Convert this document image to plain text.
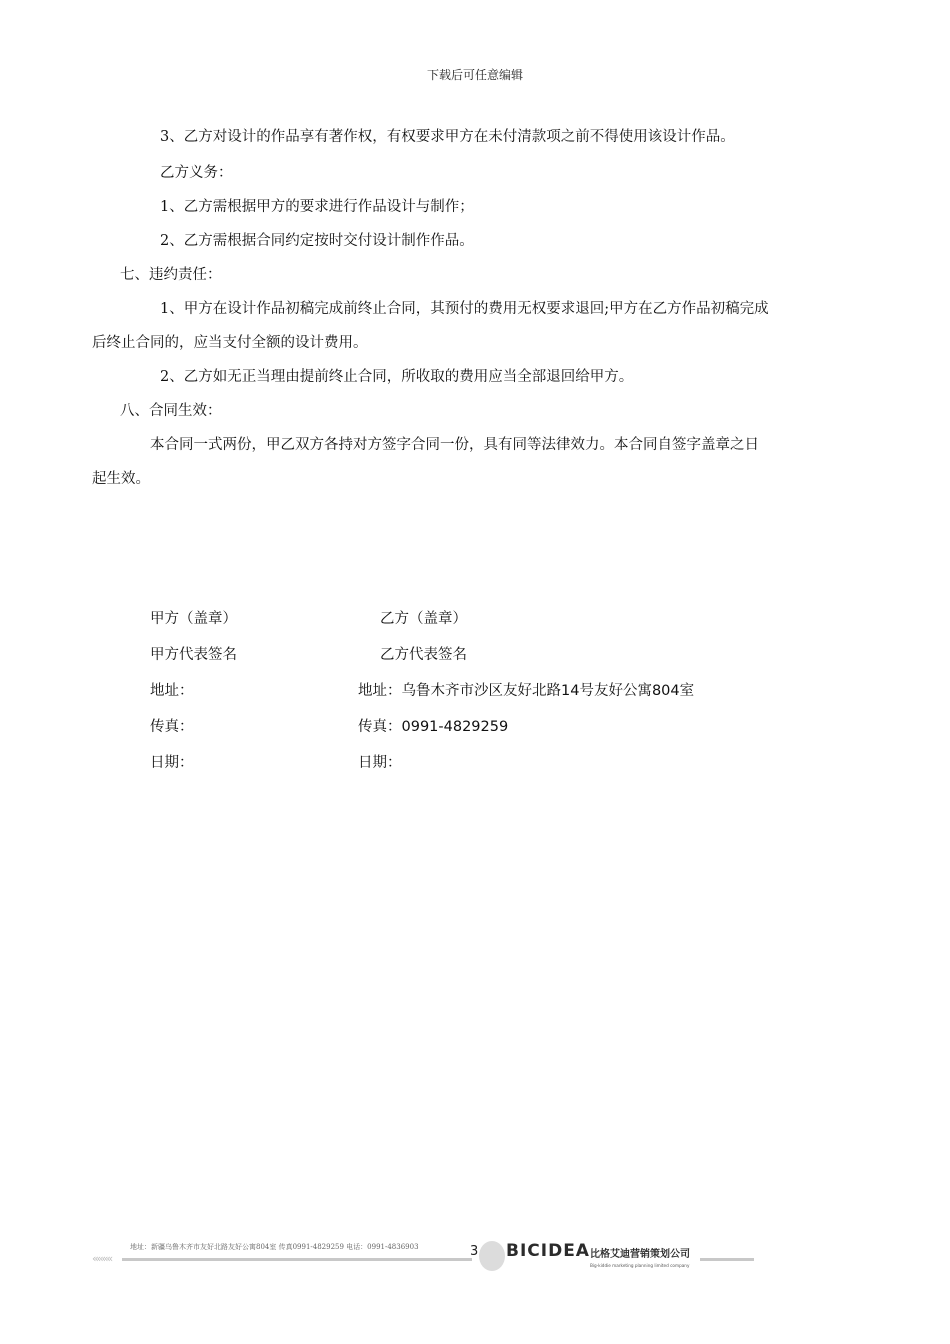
下载后可任意编辑
3、乙方对设计的作品享有著作权，有权要求甲方在未付清款项之前不得使用该设计作品。
乙方义务：
1、乙方需根据甲方的要求进行作品设计与制作；
2、乙方需根据合同约定按时交付设计制作作品。
七、违约责任：
1、甲方在设计作品初稿完成前终止合同，其预付的费用无权要求退回;甲方在乙方作品初稿完成
后终止合同的，应当支付全额的设计费用。
2、乙方如无正当理由提前终止合同，所收取的费用应当全部退回给甲方。
八、合同生效：
本合同一式两份，甲乙双方各持对方签字合同一份，具有同等法律效力。本合同自签字盖章之日
起生效。
甲方（盖章）	乙方（盖章）
甲方代表签名	乙方代表签名
地址：	地址：乌鲁木齐市沙区友好北路14号友好公寓804室
传真：	传真：0991-4829259
日期：	日期：
‹‹‹‹‹‹‹‹
地址：新疆乌鲁木齐市友好北路友好公寓804室 传真0991-4829259 电话：0991-4836903	3 BICIDEA 比格艾迪营销策划公司
Big-kiddie marketing planning limited company
